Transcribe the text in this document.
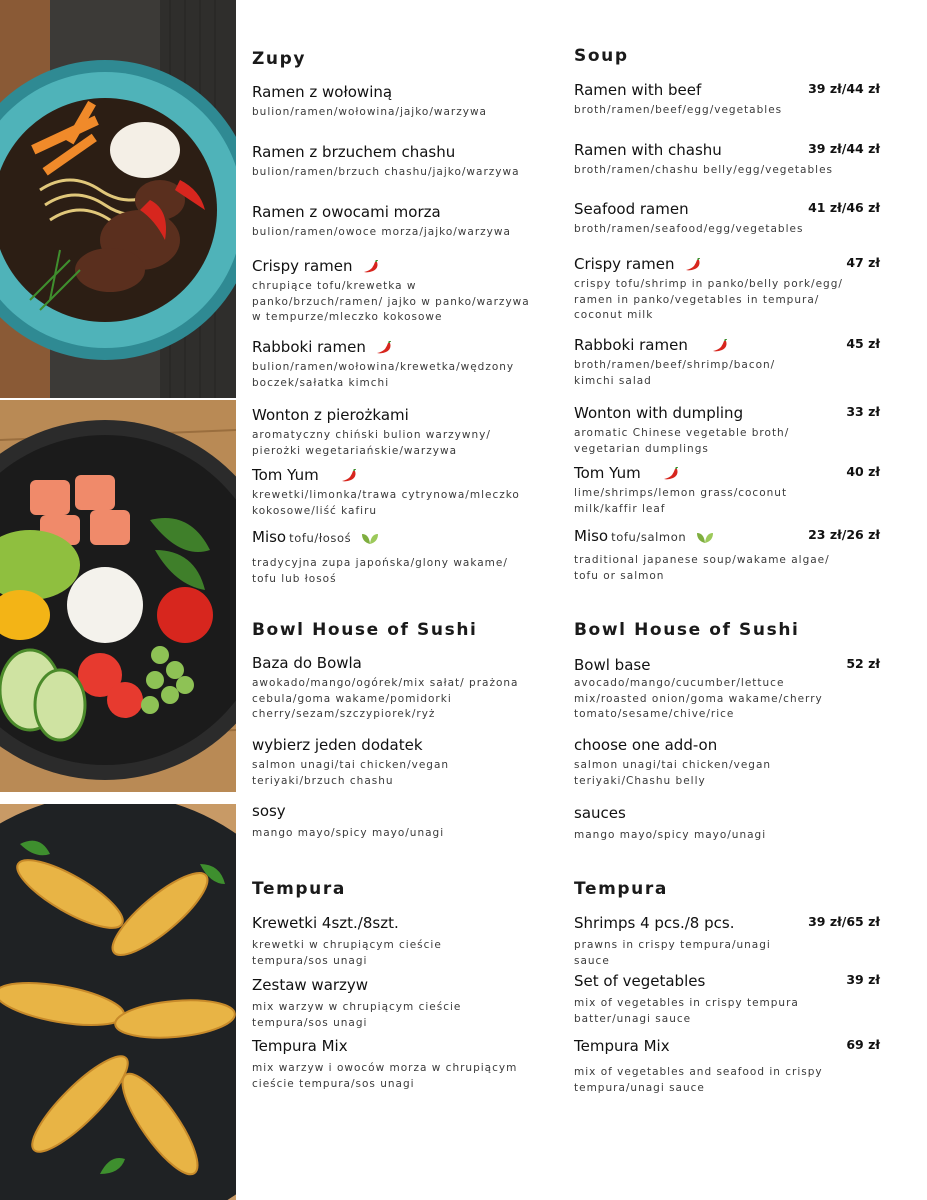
Zupy
Ramen z wołowiną
bulion/ramen/wołowina/jajko/warzywa
Ramen z brzuchem chashu
bulion/ramen/brzuch chashu/jajko/warzywa
Ramen z owocami morza
bulion/ramen/owoce morza/jajko/warzywa
Crispy ramen
chrupiące tofu/krewetka w panko/brzuch/ramen/ jajko w panko/warzywa w tempurze/mleczko kokosowe
Rabboki ramen
bulion/ramen/wołowina/krewetka/wędzony boczek/sałatka kimchi
Wonton z pierożkami
aromatyczny chiński bulion warzywny/ pierożki wegetariańskie/warzywa
Tom Yum
krewetki/limonka/trawa cytrynowa/mleczko kokosowe/liść kafiru
Miso tofu/łosoś
tradycyjna zupa japońska/glony wakame/ tofu lub łosoś
Bowl House of Sushi
Baza do Bowla
awokado/mango/ogórek/mix sałat/ prażona cebula/goma wakame/pomidorki cherry/sezam/szczypiorek/ryż
wybierz jeden dodatek
salmon unagi/tai chicken/vegan teriyaki/brzuch chashu
sosy
mango mayo/spicy mayo/unagi
Tempura
Krewetki 4szt./8szt.
krewetki w chrupiącym cieście tempura/sos unagi
Zestaw warzyw
mix warzyw w chrupiącym cieście tempura/sos unagi
Tempura Mix
mix warzyw i owoców morza w chrupiącym cieście tempura/sos unagi
Soup
Ramen with beef	39 zł/44 zł
broth/ramen/beef/egg/vegetables
Ramen with chashu	39 zł/44 zł
broth/ramen/chashu belly/egg/vegetables
Seafood ramen	41 zł/46 zł
broth/ramen/seafood/egg/vegetables
Crispy ramen	47 zł
crispy tofu/shrimp in panko/belly pork/egg/ ramen in panko/vegetables in tempura/ coconut milk
Rabboki ramen	45 zł
broth/ramen/beef/shrimp/bacon/ kimchi salad
Wonton with dumpling	33 zł
aromatic Chinese vegetable broth/ vegetarian dumplings
Tom Yum	40 zł
lime/shrimps/lemon grass/coconut milk/kaffir leaf
Miso tofu/salmon	23 zł/26 zł
traditional japanese soup/wakame algae/ tofu or salmon
Bowl House of Sushi
Bowl base	52 zł
avocado/mango/cucumber/lettuce mix/roasted onion/goma wakame/cherry tomato/sesame/chive/rice
choose one add-on
salmon unagi/tai chicken/vegan teriyaki/Chashu belly
sauces
mango mayo/spicy mayo/unagi
Tempura
Shrimps 4 pcs./8 pcs.	39 zł/65 zł
prawns in crispy tempura/unagi sauce
Set of vegetables	39 zł
mix of vegetables in crispy tempura batter/unagi sauce
Tempura Mix	69 zł
mix of vegetables and seafood in crispy tempura/unagi sauce
